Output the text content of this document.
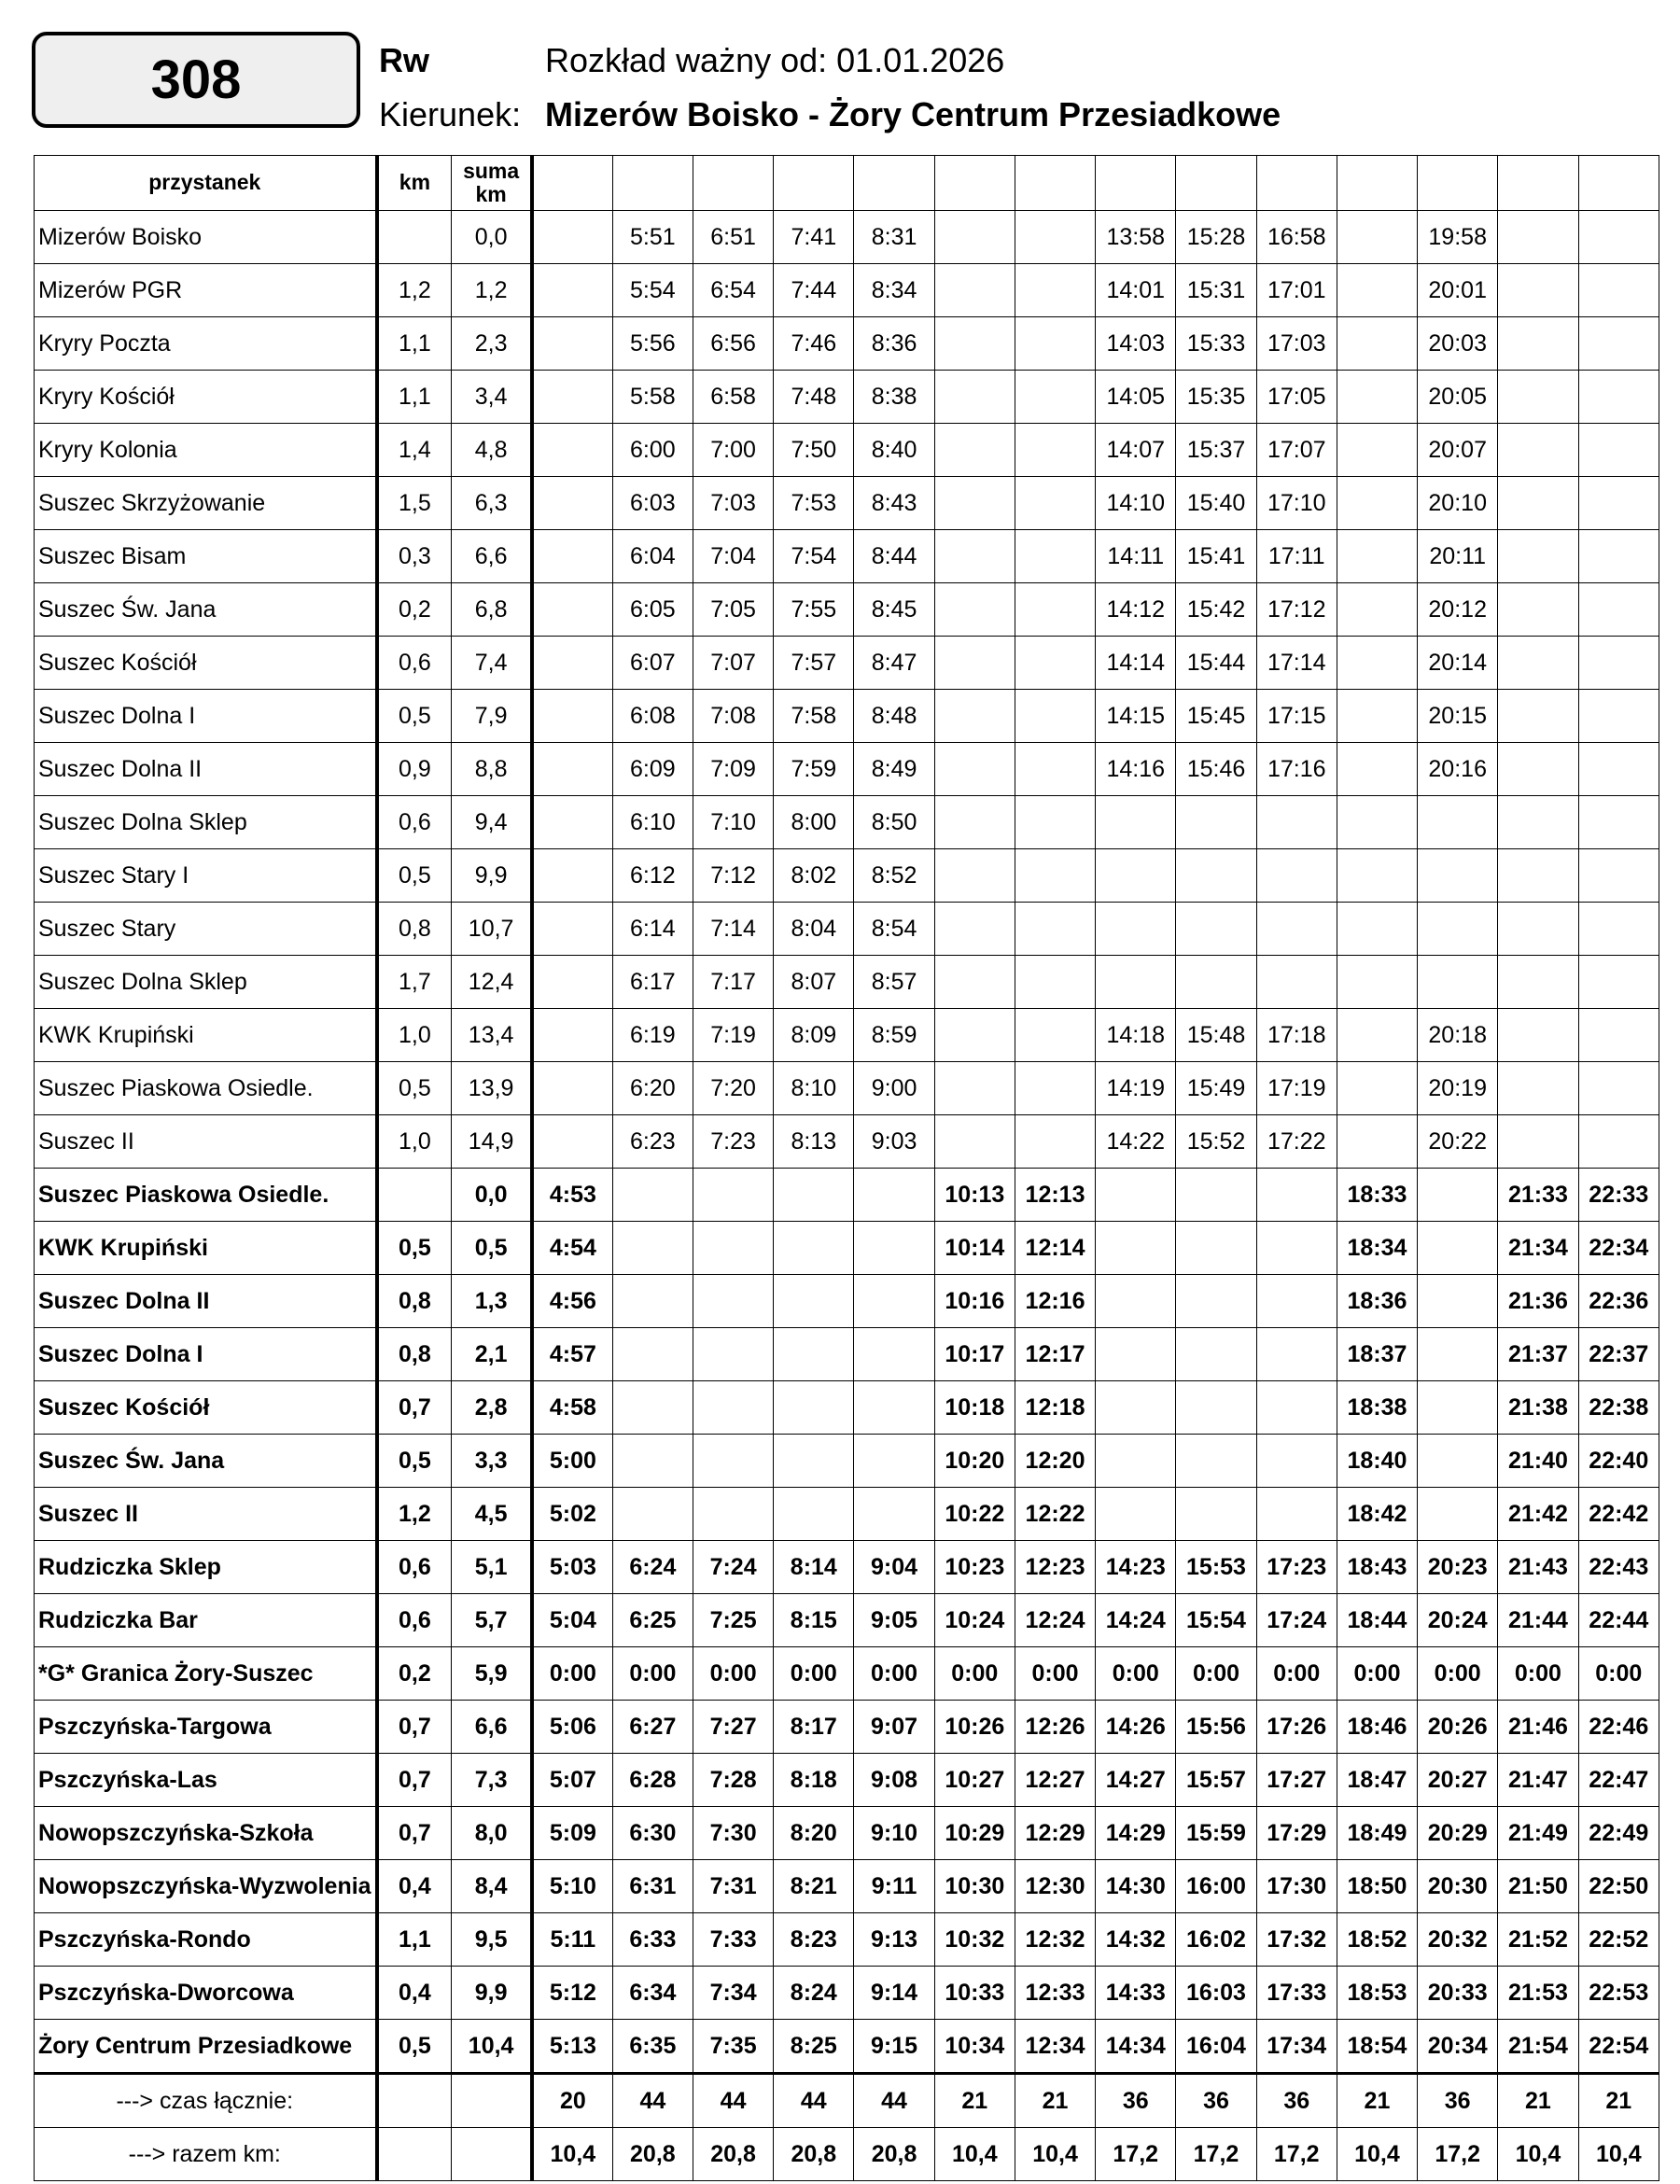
308	Rw	Rozkład ważny od: 01.01.2026
Kierunek: Mizerów Boisko - Żory Centrum Przesiadkowe
przystanek	km	suma km														
Mizerów Boisko		0,0		5:51	6:51	7:41	8:31			13:58	15:28	16:58		19:58		
Mizerów PGR	1,2	1,2		5:54	6:54	7:44	8:34			14:01	15:31	17:01		20:01		
Kryry Poczta	1,1	2,3		5:56	6:56	7:46	8:36			14:03	15:33	17:03		20:03		
Kryry Kościół	1,1	3,4		5:58	6:58	7:48	8:38			14:05	15:35	17:05		20:05		
Kryry Kolonia	1,4	4,8		6:00	7:00	7:50	8:40			14:07	15:37	17:07		20:07		
Suszec Skrzyżowanie	1,5	6,3		6:03	7:03	7:53	8:43			14:10	15:40	17:10		20:10		
Suszec Bisam	0,3	6,6		6:04	7:04	7:54	8:44			14:11	15:41	17:11		20:11		
Suszec Św. Jana	0,2	6,8		6:05	7:05	7:55	8:45			14:12	15:42	17:12		20:12		
Suszec Kościół	0,6	7,4		6:07	7:07	7:57	8:47			14:14	15:44	17:14		20:14		
Suszec Dolna I	0,5	7,9		6:08	7:08	7:58	8:48			14:15	15:45	17:15		20:15		
Suszec Dolna II	0,9	8,8		6:09	7:09	7:59	8:49			14:16	15:46	17:16		20:16		
Suszec Dolna Sklep	0,6	9,4		6:10	7:10	8:00	8:50									
Suszec Stary I	0,5	9,9		6:12	7:12	8:02	8:52									
Suszec Stary	0,8	10,7		6:14	7:14	8:04	8:54									
Suszec Dolna Sklep	1,7	12,4		6:17	7:17	8:07	8:57									
KWK Krupiński	1,0	13,4		6:19	7:19	8:09	8:59			14:18	15:48	17:18		20:18		
Suszec Piaskowa Osiedle.	0,5	13,9		6:20	7:20	8:10	9:00			14:19	15:49	17:19		20:19		
Suszec II	1,0	14,9		6:23	7:23	8:13	9:03			14:22	15:52	17:22		20:22		
Suszec Piaskowa Osiedle.		0,0	4:53					10:13	12:13				18:33		21:33	22:33
KWK Krupiński	0,5	0,5	4:54					10:14	12:14				18:34		21:34	22:34
Suszec Dolna II	0,8	1,3	4:56					10:16	12:16				18:36		21:36	22:36
Suszec Dolna I	0,8	2,1	4:57					10:17	12:17				18:37		21:37	22:37
Suszec Kościół	0,7	2,8	4:58					10:18	12:18				18:38		21:38	22:38
Suszec Św. Jana	0,5	3,3	5:00					10:20	12:20				18:40		21:40	22:40
Suszec II	1,2	4,5	5:02					10:22	12:22				18:42		21:42	22:42
Rudziczka Sklep	0,6	5,1	5:03	6:24	7:24	8:14	9:04	10:23	12:23	14:23	15:53	17:23	18:43	20:23	21:43	22:43
Rudziczka Bar	0,6	5,7	5:04	6:25	7:25	8:15	9:05	10:24	12:24	14:24	15:54	17:24	18:44	20:24	21:44	22:44
*G* Granica Żory-Suszec	0,2	5,9	0:00	0:00	0:00	0:00	0:00	0:00	0:00	0:00	0:00	0:00	0:00	0:00	0:00	0:00
Pszczyńska-Targowa	0,7	6,6	5:06	6:27	7:27	8:17	9:07	10:26	12:26	14:26	15:56	17:26	18:46	20:26	21:46	22:46
Pszczyńska-Las	0,7	7,3	5:07	6:28	7:28	8:18	9:08	10:27	12:27	14:27	15:57	17:27	18:47	20:27	21:47	22:47
Nowopszczyńska-Szkoła	0,7	8,0	5:09	6:30	7:30	8:20	9:10	10:29	12:29	14:29	15:59	17:29	18:49	20:29	21:49	22:49
Nowopszczyńska-Wyzwolenia	0,4	8,4	5:10	6:31	7:31	8:21	9:11	10:30	12:30	14:30	16:00	17:30	18:50	20:30	21:50	22:50
Pszczyńska-Rondo	1,1	9,5	5:11	6:33	7:33	8:23	9:13	10:32	12:32	14:32	16:02	17:32	18:52	20:32	21:52	22:52
Pszczyńska-Dworcowa	0,4	9,9	5:12	6:34	7:34	8:24	9:14	10:33	12:33	14:33	16:03	17:33	18:53	20:33	21:53	22:53
Żory Centrum Przesiadkowe	0,5	10,4	5:13	6:35	7:35	8:25	9:15	10:34	12:34	14:34	16:04	17:34	18:54	20:34	21:54	22:54
---> czas łącznie:			20	44	44	44	44	21	21	36	36	36	21	36	21	21
---> razem km:			10,4	20,8	20,8	20,8	20,8	10,4	10,4	17,2	17,2	17,2	10,4	17,2	10,4	10,4
